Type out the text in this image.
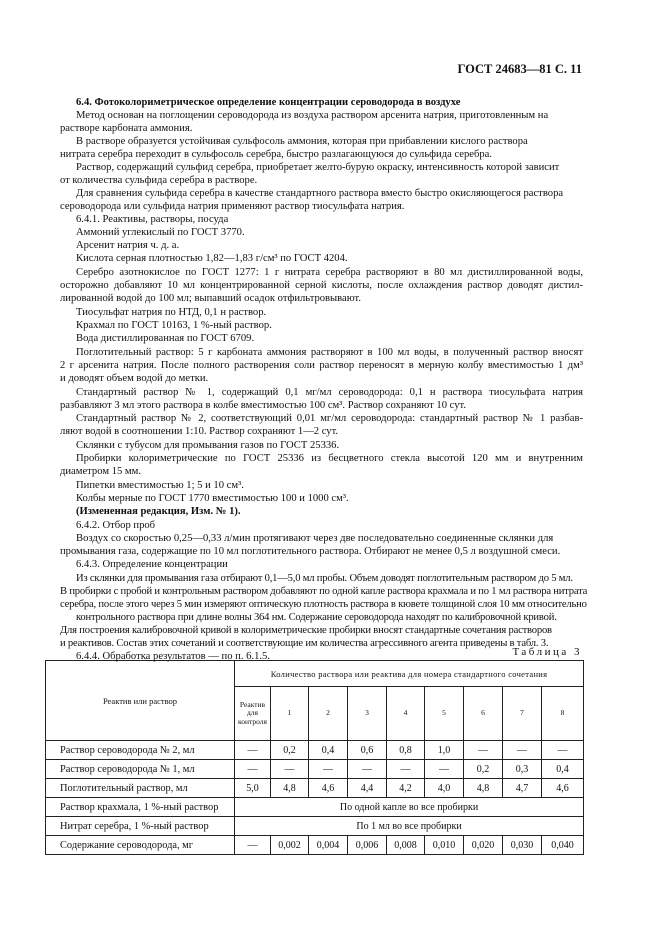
ГОСТ 24683—81 С. 11
6.4. Фотоколориметрическое определение концентрации сероводорода в воздухе
Метод основан на поглощении сероводорода из воздуха раствором арсенита натрия, приготовленным на
растворе карбоната аммония.
В растворе образуется устойчивая сульфосоль аммония, которая при прибавлении кислого раствора
нитрата серебра переходит в сульфосоль серебра, быстро разлагающуюся до сульфида серебра.
Раствор, содержащий сульфид серебра, приобретает желто-бурую окраску, интенсивность которой зависит
от количества сульфида серебра в растворе.
Для сравнения сульфида серебра в качестве стандартного раствора вместо быстро окисляющегося раствора
сероводорода или сульфида натрия применяют раствор тиосульфата натрия.
6.4.1. Реактивы, растворы, посуда
Аммоний углекислый по ГОСТ 3770.
Арсенит натрия ч. д. а.
Кислота серная плотностью 1,82—1,83 г/см³ по ГОСТ 4204.
Серебро азотнокислое по ГОСТ 1277: 1 г нитрата серебра растворяют в 80 мл дистиллированной воды,
осторожно добавляют 10 мл концентрированной серной кислоты, после охлаждения раствор доводят дистил-
лированной водой до 100 мл; выпавший осадок отфильтровывают.
Тиосульфат натрия по НТД, 0,1 н раствор.
Крахмал по ГОСТ 10163, 1 %-ный раствор.
Вода дистиллированная по ГОСТ 6709.
Поглотительный раствор: 5 г карбоната аммония растворяют в 100 мл воды, в полученный раствор вносят
2 г арсенита натрия. После полного растворения соли раствор переносят в мерную колбу вместимостью 1 дм³
и доводят объем водой до метки.
Стандартный раствор № 1, содержащий 0,1 мг/мл сероводорода: 0,1 н раствора тиосульфата натрия
разбавляют 3 мл этого раствора в колбе вместимостью 100 см³. Раствор сохраняют 10 сут.
Стандартный раствор № 2, соответствующий 0,01 мг/мл сероводорода: стандартный раствор № 1 разбав-
ляют водой в соотношении 1:10. Раствор сохраняют 1—2 сут.
Склянки с тубусом для промывания газов по ГОСТ 25336.
Пробирки колориметрические по ГОСТ 25336 из бесцветного стекла высотой 120 мм и внутренним
диаметром 15 мм.
Пипетки вместимостью 1; 5 и 10 см³.
Колбы мерные по ГОСТ 1770 вместимостью 100 и 1000 см³.
(Измененная редакция, Изм. № 1).
6.4.2. Отбор проб
Воздух со скоростью 0,25—0,33 л/мин протягивают через две последовательно соединенные склянки для
промывания газа, содержащие по 10 мл поглотительного раствора. Отбирают не менее 0,5 л воздушной смеси.
6.4.3. Определение концентрации
Из склянки для промывания газа отбирают 0,1—5,0 мл пробы. Объем доводят поглотительным раствором до 5 мл.
В пробирки с пробой и контрольным раствором добавляют по одной капле раствора крахмала и по 1 мл раствора нитрата
серебра, после этого через 5 мин измеряют оптическую плотность раствора в кювете толщиной слоя 10 мм относительно
контрольного раствора при длине волны 364 нм. Содержание сероводорода находят по калибровочной кривой.
Для построения калибровочной кривой в колориметрические пробирки вносят стандартные сочетания растворов
и реактивов. Состав этих сочетаний и соответствующие им количества агрессивного агента приведены в табл. 3.
6.4.4. Обработка результатов — по п. 6.1.5.	Таблица 3
Реактив или раствор	Количество раствора или реактива для номера стандартного сочетания								
	Реактив для контроля	1	2	3	4	5	6	7	8
Раствор сероводорода № 2, мл	—	0,2	0,4	0,6	0,8	1,0	—	—	—
Раствор сероводорода № 1, мл	—	—	—	—	—	—	0,2	0,3	0,4
Поглотительный раствор, мл	5,0	4,8	4,6	4,4	4,2	4,0	4,8	4,7	4,6
Раствор крахмала, 1 %-ный раствор	По одной капле во все пробирки								
Нитрат серебра, 1 %-ный раствор	По 1 мл во все пробирки								
Содержание сероводорода, мг	—	0,002	0,004	0,006	0,008	0,010	0,020	0,030	0,040
